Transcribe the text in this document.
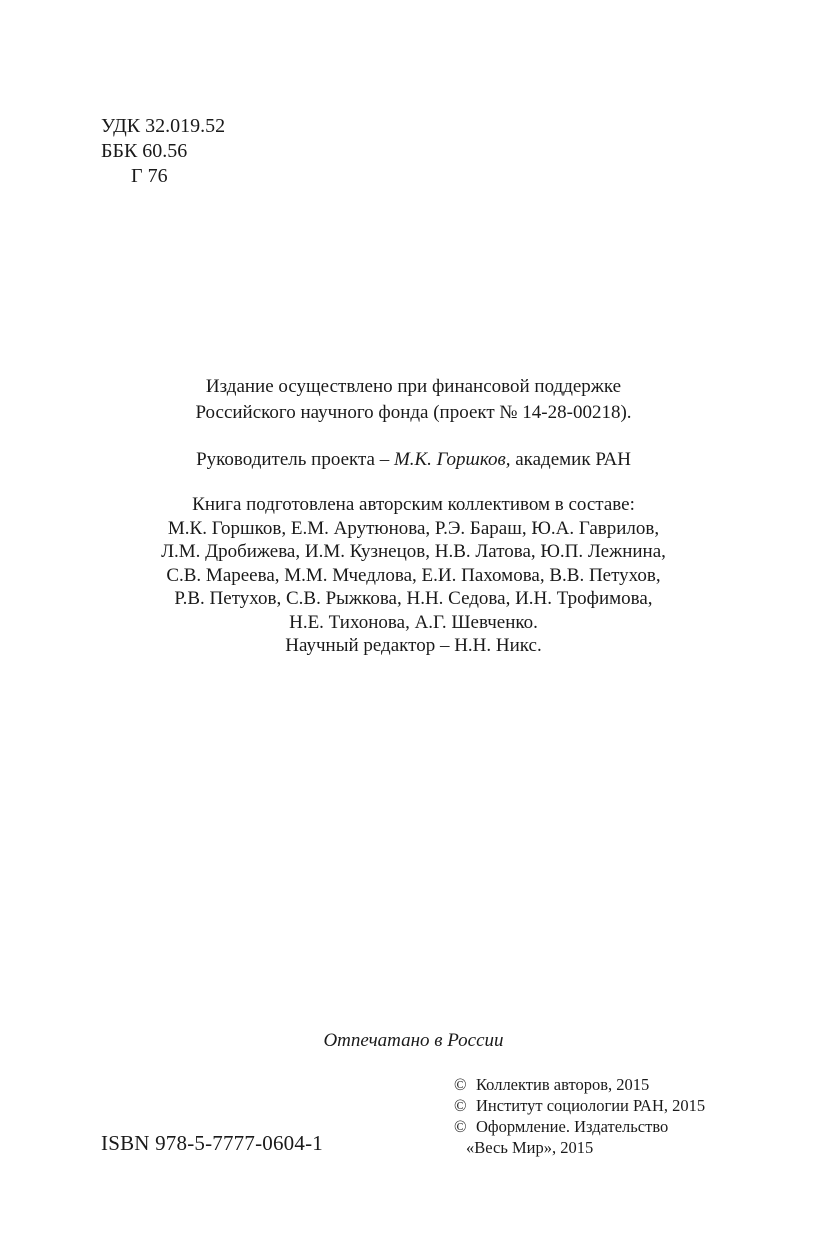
УДК 32.019.52
ББК 60.56
Г 76
Издание осуществлено при финансовой поддержке
Российского научного фонда (проект № 14-28-00218).
Руководитель проекта – М.К. Горшков, академик РАН
Книга подготовлена авторским коллективом в составе:
М.К. Горшков, Е.М. Арутюнова, Р.Э. Бараш, Ю.А. Гаврилов,
Л.М. Дробижева, И.М. Кузнецов, Н.В. Латова, Ю.П. Лежнина,
С.В. Мареева, М.М. Мчедлова, Е.И. Пахомова, В.В. Петухов,
Р.В. Петухов, С.В. Рыжкова, Н.Н. Седова, И.Н. Трофимова,
Н.Е. Тихонова, А.Г. Шевченко.
Научный редактор – Н.Н. Никс.
Отпечатано в России
ISBN 978-5-7777-0604-1
© Коллектив авторов, 2015
© Институт социологии РАН, 2015
© Оформление. Издательство
«Весь Мир», 2015
